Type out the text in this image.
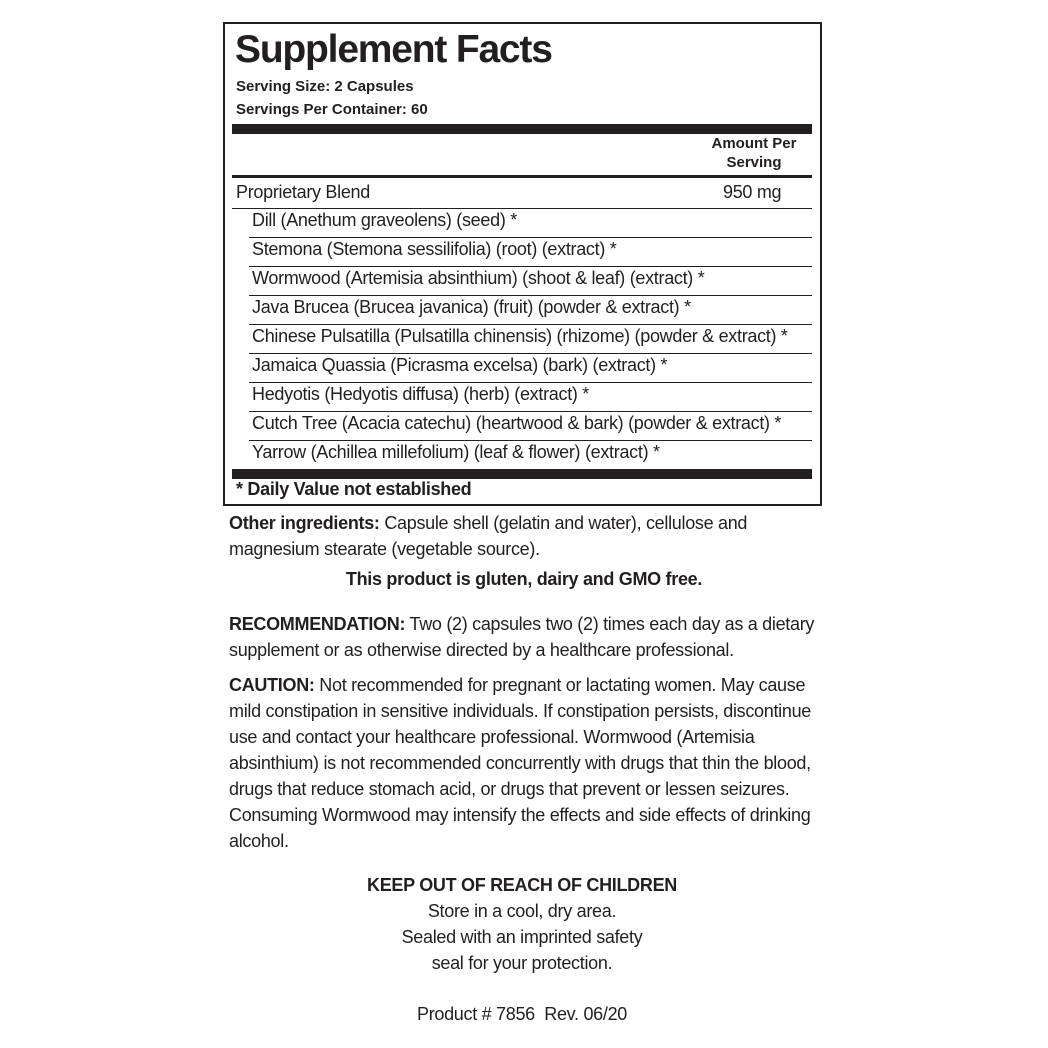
Supplement Facts
Serving Size: 2 Capsules
Servings Per Container: 60
Amount Per
Serving
Proprietary Blend	950 mg
Dill (Anethum graveolens) (seed) *
Stemona (Stemona sessilifolia) (root) (extract) *
Wormwood (Artemisia absinthium) (shoot & leaf) (extract) *
Java Brucea (Brucea javanica) (fruit) (powder & extract) *
Chinese Pulsatilla (Pulsatilla chinensis) (rhizome) (powder & extract) *
Jamaica Quassia (Picrasma excelsa) (bark) (extract) *
Hedyotis (Hedyotis diffusa) (herb) (extract) *
Cutch Tree (Acacia catechu) (heartwood & bark) (powder & extract) *
Yarrow (Achillea millefolium) (leaf & flower) (extract) *
* Daily Value not established
Other ingredients: Capsule shell (gelatin and water), cellulose and magnesium stearate (vegetable source).
This product is gluten, dairy and GMO free.
RECOMMENDATION: Two (2) capsules two (2) times each day as a dietary supplement or as otherwise directed by a healthcare professional.
CAUTION: Not recommended for pregnant or lactating women. May cause mild constipation in sensitive individuals. If constipation persists, discontinue use and contact your healthcare professional. Wormwood (Artemisia absinthium) is not recommended concurrently with drugs that thin the blood, drugs that reduce stomach acid, or drugs that prevent or lessen seizures. Consuming Wormwood may intensify the effects and side effects of drinking alcohol.
KEEP OUT OF REACH OF CHILDREN
Store in a cool, dry area.
Sealed with an imprinted safety
seal for your protection.
Product # 7856  Rev. 06/20
